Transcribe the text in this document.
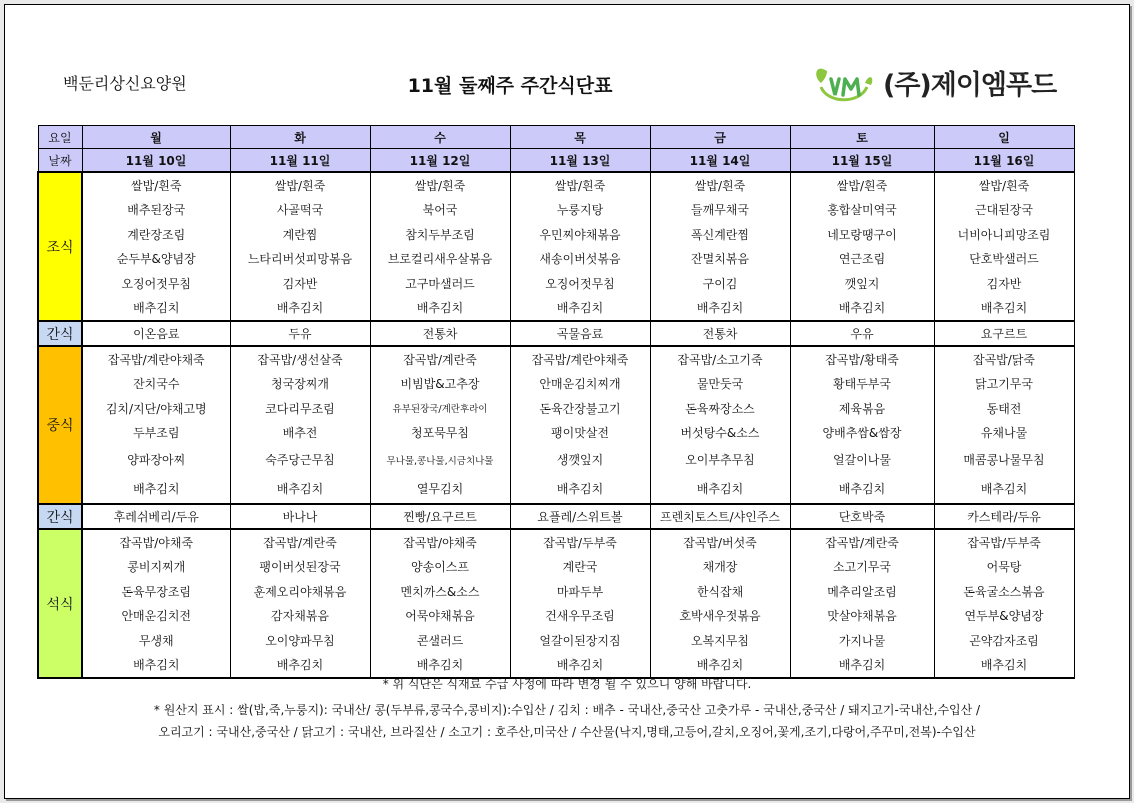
백둔리상신요양원	11월 둘째주 주간식단표	(주)제이엠푸드
요일	월	화	수	목	금	토	일
날짜	11월 10일	11월 11일	11월 12일	11월 13일	11월 14일	11월 15일	11월 16일
조식	쌀밥/흰죽	쌀밥/흰죽	쌀밥/흰죽	쌀밥/흰죽	쌀밥/흰죽	쌀밥/흰죽	쌀밥/흰죽
	배추된장국	사골떡국	북어국	누룽지탕	들깨무채국	홍합살미역국	근대된장국
	계란장조림	계란찜	참치두부조림	우민찌야채볶음	폭신계란찜	네모랑땡구이	너비아니피망조림
	순두부&양념장	느타리버섯피망볶음	브로컬리새우살볶음	새송이버섯볶음	잔멸치볶음	연근조림	단호박샐러드
	오징어젓무침	김자반	고구마샐러드	오징어젓무침	구이김	깻잎지	김자반
	배추김치	배추김치	배추김치	배추김치	배추김치	배추김치	배추김치
간식	이온음료	두유	전통차	곡물음료	전통차	우유	요구르트
중식	잡곡밥/계란야채죽	잡곡밥/생선살죽	잡곡밥/계란죽	잡곡밥/계란야채죽	잡곡밥/소고기죽	잡곡밥/황태죽	잡곡밥/닭죽
	잔치국수	청국장찌개	비빔밥&고추장	안매운김치찌개	물만둣국	황태두부국	닭고기무국
	김치/지단/야채고명	코다리무조림	유부된장국/계란후라이	돈육간장불고기	돈육짜장소스	제육볶음	동태전
	두부조림	배추전	청포묵무침	팽이맛살전	버섯탕수&소스	양배추쌈&쌈장	유채나물
	양파장아찌	숙주당근무침	무나물,콩나물,시금치나물	생깻잎지	오이부추무침	얼갈이나물	매콤콩나물무침
	배추김치	배추김치	열무김치	배추김치	배추김치	배추김치	배추김치
간식	후레쉬베리/두유	바나나	찐빵/요구르트	요플레/스위트볼	프렌치토스트/샤인주스	단호박죽	카스테라/두유
석식	잡곡밥/야채죽	잡곡밥/계란죽	잡곡밥/야채죽	잡곡밥/두부죽	잡곡밥/버섯죽	잡곡밥/계란죽	잡곡밥/두부죽
	콩비지찌개	팽이버섯된장국	양송이스프	계란국	채개장	소고기무국	어묵탕
	돈육무장조림	훈제오리야채볶음	멘치까스&소스	마파두부	한식잡채	메추리알조림	돈육굴소스볶음
	안매운김치전	감자채볶음	어묵야채볶음	건새우무조림	호박새우젓볶음	맛살야채볶음	연두부&양념장
	무생채	오이양파무침	콘샐러드	얼갈이된장지짐	오복지무침	가지나물	곤약감자조림
	배추김치	배추김치	배추김치	배추김치	배추김치	배추김치	배추김치
* 위 식단은 식재료 수급 사정에 따라 변경 될 수 있으니 양해 바랍니다.
* 원산지 표시 : 쌀(밥,죽,누룽지): 국내산/ 콩(두부류,콩국수,콩비지):수입산 / 김치 : 배추 - 국내산,중국산 고춧가루 - 국내산,중국산 / 돼지고기-국내산,수입산 /
오리고기 : 국내산,중국산 / 닭고기 : 국내산, 브라질산 / 소고기 : 호주산,미국산 / 수산물(낙지,명태,고등어,갈치,오징어,꽃게,조기,다랑어,주꾸미,전복)-수입산
